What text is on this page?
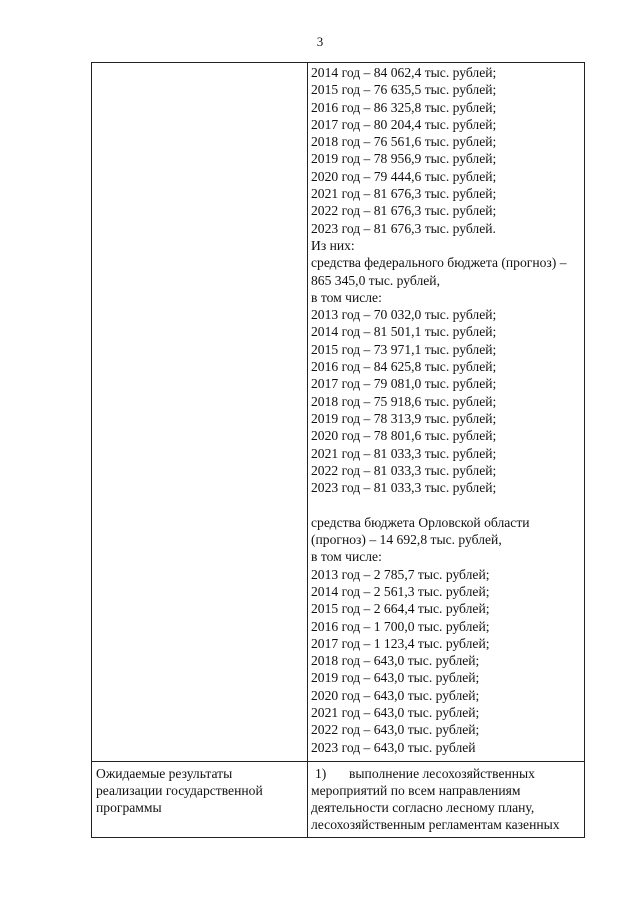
3
2014 год – 84 062,4 тыс. рублей;
2015 год – 76 635,5 тыс. рублей;
2016 год – 86 325,8 тыс. рублей;
2017 год – 80 204,4 тыс. рублей;
2018 год – 76 561,6 тыс. рублей;
2019 год – 78 956,9 тыс. рублей;
2020 год – 79 444,6 тыс. рублей;
2021 год – 81 676,3 тыс. рублей;
2022 год – 81 676,3 тыс. рублей;
2023 год – 81 676,3 тыс. рублей.
Из них:
средства федерального бюджета (прогноз) –
865 345,0 тыс. рублей,
в том числе:
2013 год – 70 032,0 тыс. рублей;
2014 год – 81 501,1 тыс. рублей;
2015 год – 73 971,1 тыс. рублей;
2016 год – 84 625,8 тыс. рублей;
2017 год – 79 081,0 тыс. рублей;
2018 год – 75 918,6 тыс. рублей;
2019 год – 78 313,9 тыс. рублей;
2020 год – 78 801,6 тыс. рублей;
2021 год – 81 033,3 тыс. рублей;
2022 год – 81 033,3 тыс. рублей;
2023 год – 81 033,3 тыс. рублей;
средства бюджета Орловской области
(прогноз) – 14 692,8 тыс. рублей,
в том числе:
2013 год – 2 785,7 тыс. рублей;
2014 год – 2 561,3 тыс. рублей;
2015 год – 2 664,4 тыс. рублей;
2016 год – 1 700,0 тыс. рублей;
2017 год – 1 123,4 тыс. рублей;
2018 год – 643,0 тыс. рублей;
2019 год – 643,0 тыс. рублей;
2020 год – 643,0 тыс. рублей;
2021 год – 643,0 тыс. рублей;
2022 год – 643,0 тыс. рублей;
2023 год – 643,0 тыс. рублей
Ожидаемые результаты
реализации государственной
программы
1) выполнение лесохозяйственных
мероприятий по всем направлениям
деятельности согласно лесному плану,
лесохозяйственным регламентам казенных
